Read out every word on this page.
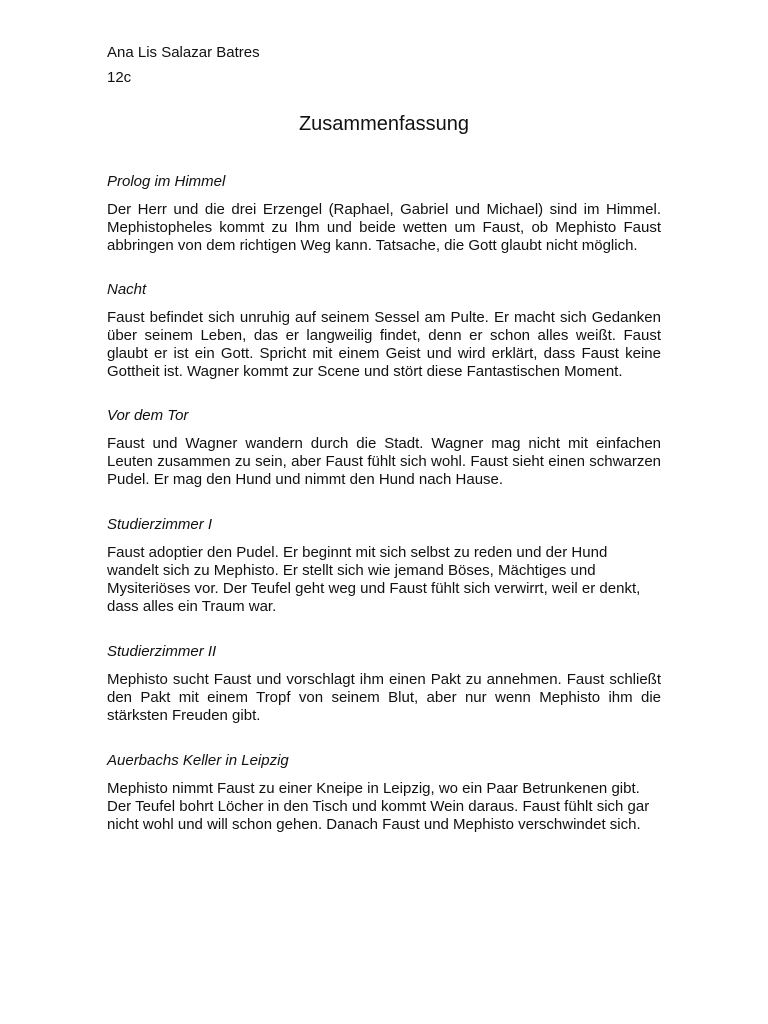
Ana Lis Salazar Batres
12c
Zusammenfassung
Prolog im Himmel

Der Herr und die drei Erzengel (Raphael, Gabriel und Michael) sind im Himmel. Mephistopheles kommt zu Ihm und beide wetten um Faust, ob Mephisto Faust abbringen von dem richtigen Weg kann. Tatsache, die Gott glaubt nicht möglich.

Nacht

Faust befindet sich unruhig auf seinem Sessel am Pulte. Er macht sich Gedanken über seinem Leben, das er langweilig findet, denn er schon alles weißt. Faust glaubt er ist ein Gott. Spricht mit einem Geist und wird erklärt, dass Faust keine Gottheit ist. Wagner kommt zur Scene und stört diese Fantastischen Moment.

Vor dem Tor

Faust und Wagner wandern durch die Stadt. Wagner mag nicht mit einfachen Leuten zusammen zu sein, aber Faust fühlt sich wohl. Faust sieht einen schwarzen Pudel. Er mag den Hund und nimmt den Hund nach Hause.

Studierzimmer I

Faust adoptier den Pudel. Er beginnt mit sich selbst zu reden und der Hund wandelt sich zu Mephisto. Er stellt sich wie jemand Böses, Mächtiges und Mysiteriöses vor. Der Teufel geht weg und Faust fühlt sich verwirrt, weil er denkt, dass alles ein Traum war.

Studierzimmer II

Mephisto sucht Faust und vorschlagt ihm einen Pakt zu annehmen. Faust schließt den Pakt mit einem Tropf von seinem Blut, aber nur wenn Mephisto ihm die stärksten Freuden gibt.

Auerbachs Keller in Leipzig

Mephisto nimmt Faust zu einer Kneipe in Leipzig, wo ein Paar Betrunkenen gibt. Der Teufel bohrt Löcher in den Tisch und kommt Wein daraus. Faust fühlt sich gar nicht wohl und will schon gehen. Danach Faust und Mephisto verschwindet sich.
